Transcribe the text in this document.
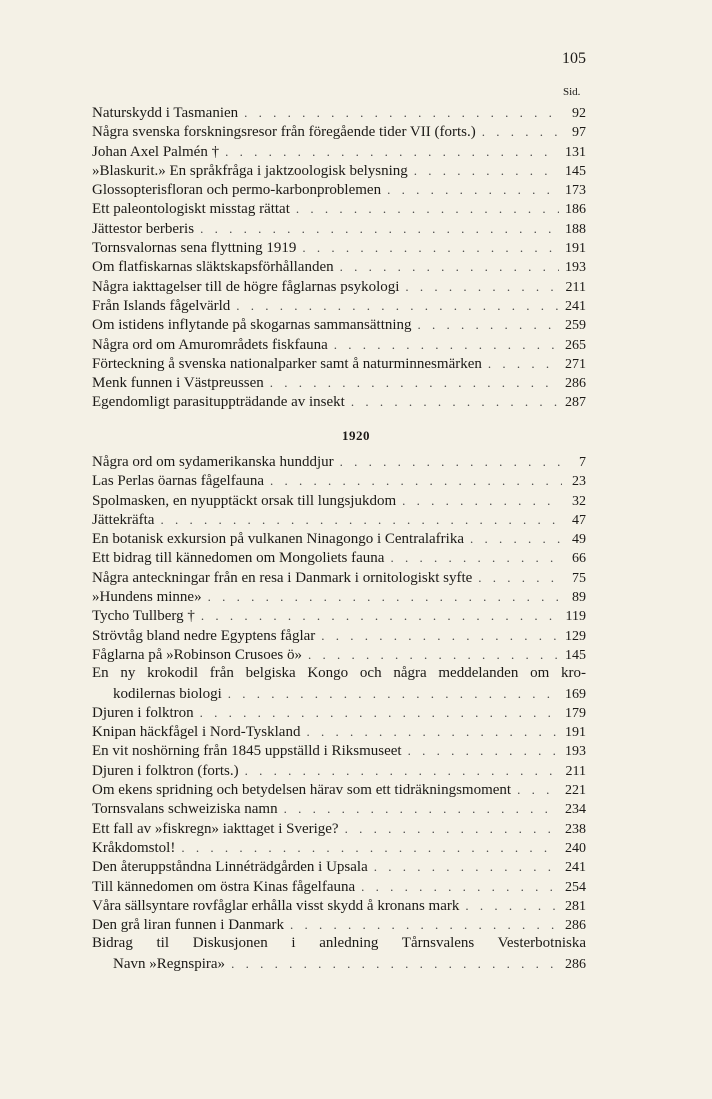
105
Sid.
Naturskydd i Tasmanien . . .	92
Några svenska forskningsresor från föregående tider VII (forts.) . . .	97
Johan Axel Palmén † . . .	131
»Blaskurit.» En språkfråga i jaktzoologisk belysning . . .	145
Glossopterisfloran och permo-karbonproblemen . . .	173
Ett paleontologiskt misstag rättat . . .	186
Jättestor berberis . . .	188
Tornsvalornas sena flyttning 1919 . . .	191
Om flatfiskarnas släktskapsförhållanden . . .	193
Några iakttagelser till de högre fåglarnas psykologi . . .	211
Från Islands fågelvärld . . .	241
Om istidens inflytande på skogarnas sammansättning . . .	259
Några ord om Amurområdets fiskfauna . . .	265
Förteckning å svenska nationalparker samt å naturminnesmärken . . .	271
Menk funnen i Västpreussen . . .	286
Egendomligt parasituppträdande av insekt . . .	287
1920
Några ord om sydamerikanska hunddjur . . .	7
Las Perlas öarnas fågelfauna . . .	23
Spolmasken, en nyupptäckt orsak till lungsjukdom . . .	32
Jättekräfta . . .	47
En botanisk exkursion på vulkanen Ninagongo i Centralafrika . . .	49
Ett bidrag till kännedomen om Mongoliets fauna . . .	66
Några anteckningar från en resa i Danmark i ornitologiskt syfte . . .	75
»Hundens minne» . . .	89
Tycho Tullberg † . . .	119
Strövtåg bland nedre Egyptens fåglar . . .	129
Fåglarna på »Robinson Crusoes ö» . . .	145
En ny krokodil från belgiska Kongo och några meddelanden om kro-
kodilernas biologi . . .	169
Djuren i folktron . . .	179
Knipan häckfågel i Nord-Tyskland . . .	191
En vit noshörning från 1845 uppställd i Riksmuseet . . .	193
Djuren i folktron (forts.) . . .	211
Om ekens spridning och betydelsen härav som ett tidräkningsmoment . . .	221
Tornsvalans schweiziska namn . . .	234
Ett fall av »fiskregn» iakttaget i Sverige? . . .	238
Kråkdomstol! . . .	240
Den återuppståndna Linnéträdgården i Upsala . . .	241
Till kännedomen om östra Kinas fågelfauna . . .	254
Våra sällsyntare rovfåglar erhålla visst skydd å kronans mark . . .	281
Den grå liran funnen i Danmark . . .	286
Bidrag til Diskusjonen i anledning Tårnsvalens Vesterbotniska
Navn »Regnspira» . . .	286
